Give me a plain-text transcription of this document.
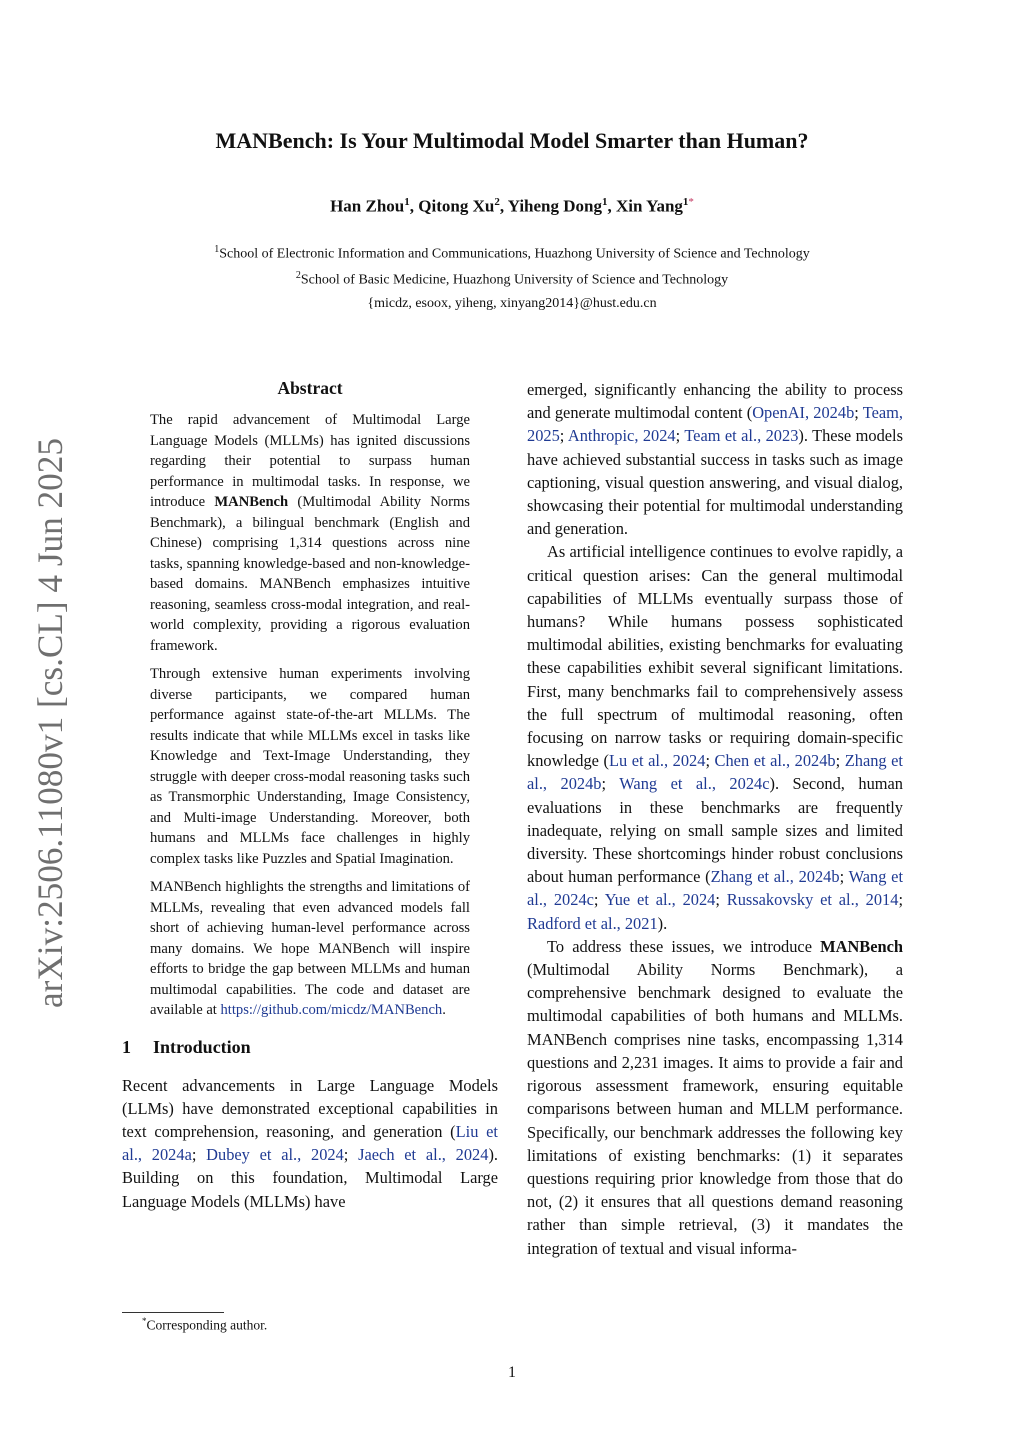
arXiv:2506.11080v1 [cs.CL] 4 Jun 2025
MANBench: Is Your Multimodal Model Smarter than Human?
Han Zhou$^1$, Qitong Xu$^2$, Yiheng Dong$^1$, Xin Yang$^{1*}$
$^1$School of Electronic Information and Communications, Huazhong University of Science and Technology
$^2$School of Basic Medicine, Huazhong University of Science and Technology
{micdz, esoox, yiheng, xinyang2014}@hust.edu.cn
Abstract

The rapid advancement of Multimodal Large Language Models (MLLMs) has ignited discussions regarding their potential to surpass human performance in multimodal tasks. In response, we introduce MANBench (Multimodal Ability Norms Benchmark), a bilingual benchmark (English and Chinese) comprising 1,314 questions across nine tasks, spanning knowledge-based and non-knowledge-based domains. MANBench emphasizes intuitive reasoning, seamless cross-modal integration, and real-world complexity, providing a rigorous evaluation framework.

Through extensive human experiments involving diverse participants, we compared human performance against state-of-the-art MLLMs. The results indicate that while MLLMs excel in tasks like Knowledge and Text-Image Understanding, they struggle with deeper cross-modal reasoning tasks such as Transmorphic Understanding, Image Consistency, and Multi-image Understanding. Moreover, both humans and MLLMs face challenges in highly complex tasks like Puzzles and Spatial Imagination.

MANBench highlights the strengths and limitations of MLLMs, revealing that even advanced models fall short of achieving human-level performance across many domains. We hope MANBench will inspire efforts to bridge the gap between MLLMs and human multimodal capabilities. The code and dataset are available at https://github.com/micdz/MANBench.

1 Introduction

Recent advancements in Large Language Models (LLMs) have demonstrated exceptional capabilities in text comprehension, reasoning, and generation (Liu et al., 2024a; Dubey et al., 2024; Jaech et al., 2024). Building on this foundation, Multimodal Large Language Models (MLLMs) have

emerged, significantly enhancing the ability to process and generate multimodal content (OpenAI, 2024b; Team, 2025; Anthropic, 2024; Team et al., 2023). These models have achieved substantial success in tasks such as image captioning, visual question answering, and visual dialog, showcasing their potential for multimodal understanding and generation.

As artificial intelligence continues to evolve rapidly, a critical question arises: Can the general multimodal capabilities of MLLMs eventually surpass those of humans? While humans possess sophisticated multimodal abilities, existing benchmarks for evaluating these capabilities exhibit several significant limitations. First, many benchmarks fail to comprehensively assess the full spectrum of multimodal reasoning, often focusing on narrow tasks or requiring domain-specific knowledge (Lu et al., 2024; Chen et al., 2024b; Zhang et al., 2024b; Wang et al., 2024c). Second, human evaluations in these benchmarks are frequently inadequate, relying on small sample sizes and limited diversity. These shortcomings hinder robust conclusions about human performance (Zhang et al., 2024b; Wang et al., 2024c; Yue et al., 2024; Russakovsky et al., 2014; Radford et al., 2021).

To address these issues, we introduce MANBench (Multimodal Ability Norms Benchmark), a comprehensive benchmark designed to evaluate the multimodal capabilities of both humans and MLLMs. MANBench comprises nine tasks, encompassing 1,314 questions and 2,231 images. It aims to provide a fair and rigorous assessment framework, ensuring equitable comparisons between human and MLLM performance. Specifically, our benchmark addresses the following key limitations of existing benchmarks: (1) it separates questions requiring prior knowledge from those that do not, (2) it ensures that all questions demand reasoning rather than simple retrieval, (3) it mandates the integration of textual and visual informa-

*Corresponding author.
1
